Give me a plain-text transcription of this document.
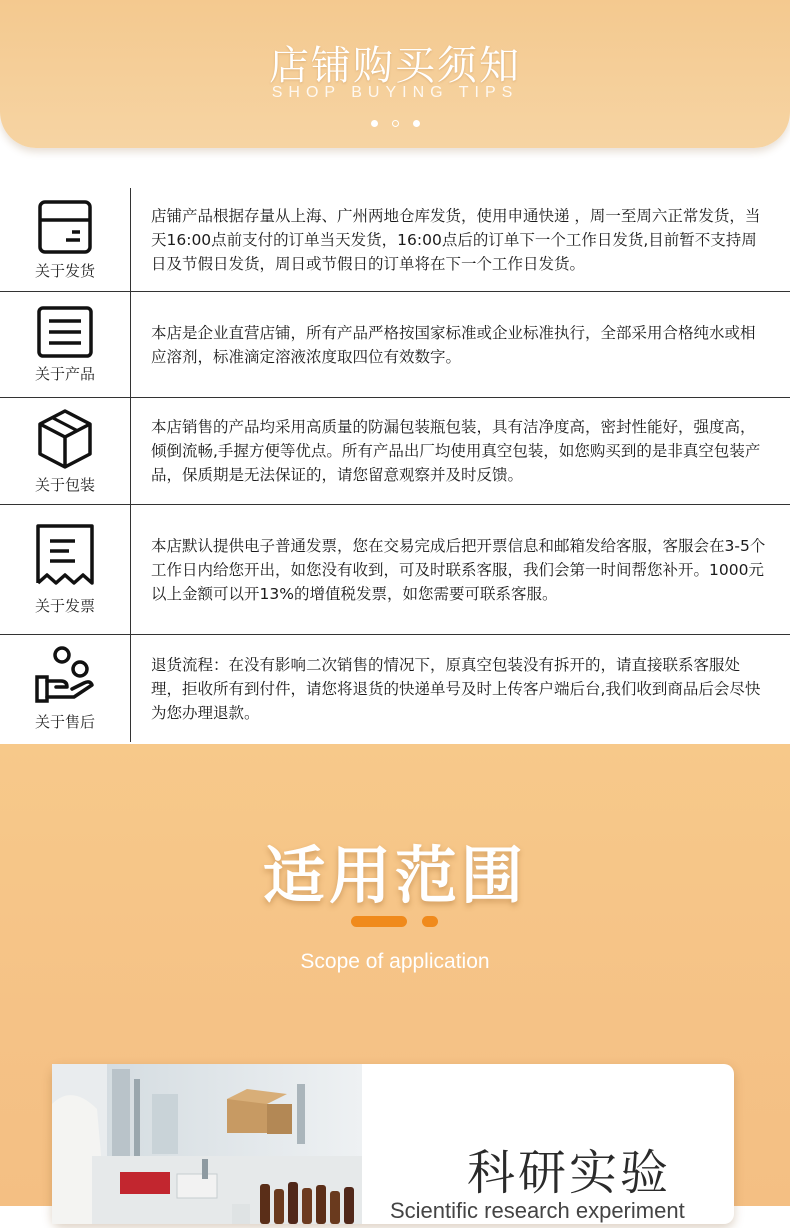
店铺购买须知
SHOP BUYING TIPS

关于发货
店铺产品根据存量从上海、广州两地仓库发货，使用申通快递 ，周一至周六正常发货，当天16:00点前支付的订单当天发货，16:00点后的订单下一个工作日发货,目前暂不支持周日及节假日发货，周日或节假日的订单将在下一个工作日发货。
关于产品
本店是企业直营店铺，所有产品严格按国家标准或企业标准执行，全部采用合格纯水或相应溶剂，标准滴定溶液浓度取四位有效数字。
关于包装
本店销售的产品均采用高质量的防漏包装瓶包装，具有洁净度高，密封性能好，强度高，倾倒流畅,手握方便等优点。所有产品出厂均使用真空包装，如您购买到的是非真空包装产品，保质期是无法保证的，请您留意观察并及时反馈。
关于发票
本店默认提供电子普通发票，您在交易完成后把开票信息和邮箱发给客服，客服会在3-5个工作日内给您开出，如您没有收到，可及时联系客服，我们会第一时间帮您补开。1000元以上金额可以开13%的增值税发票，如您需要可联系客服。
关于售后
退货流程：在没有影响二次销售的情况下，原真空包装没有拆开的，请直接联系客服处理，拒收所有到付件，请您将退货的快递单号及时上传客户端后台,我们收到商品后会尽快为您办理退款。
适用范围
Scope of application
科研实验
Scientific research experiment
